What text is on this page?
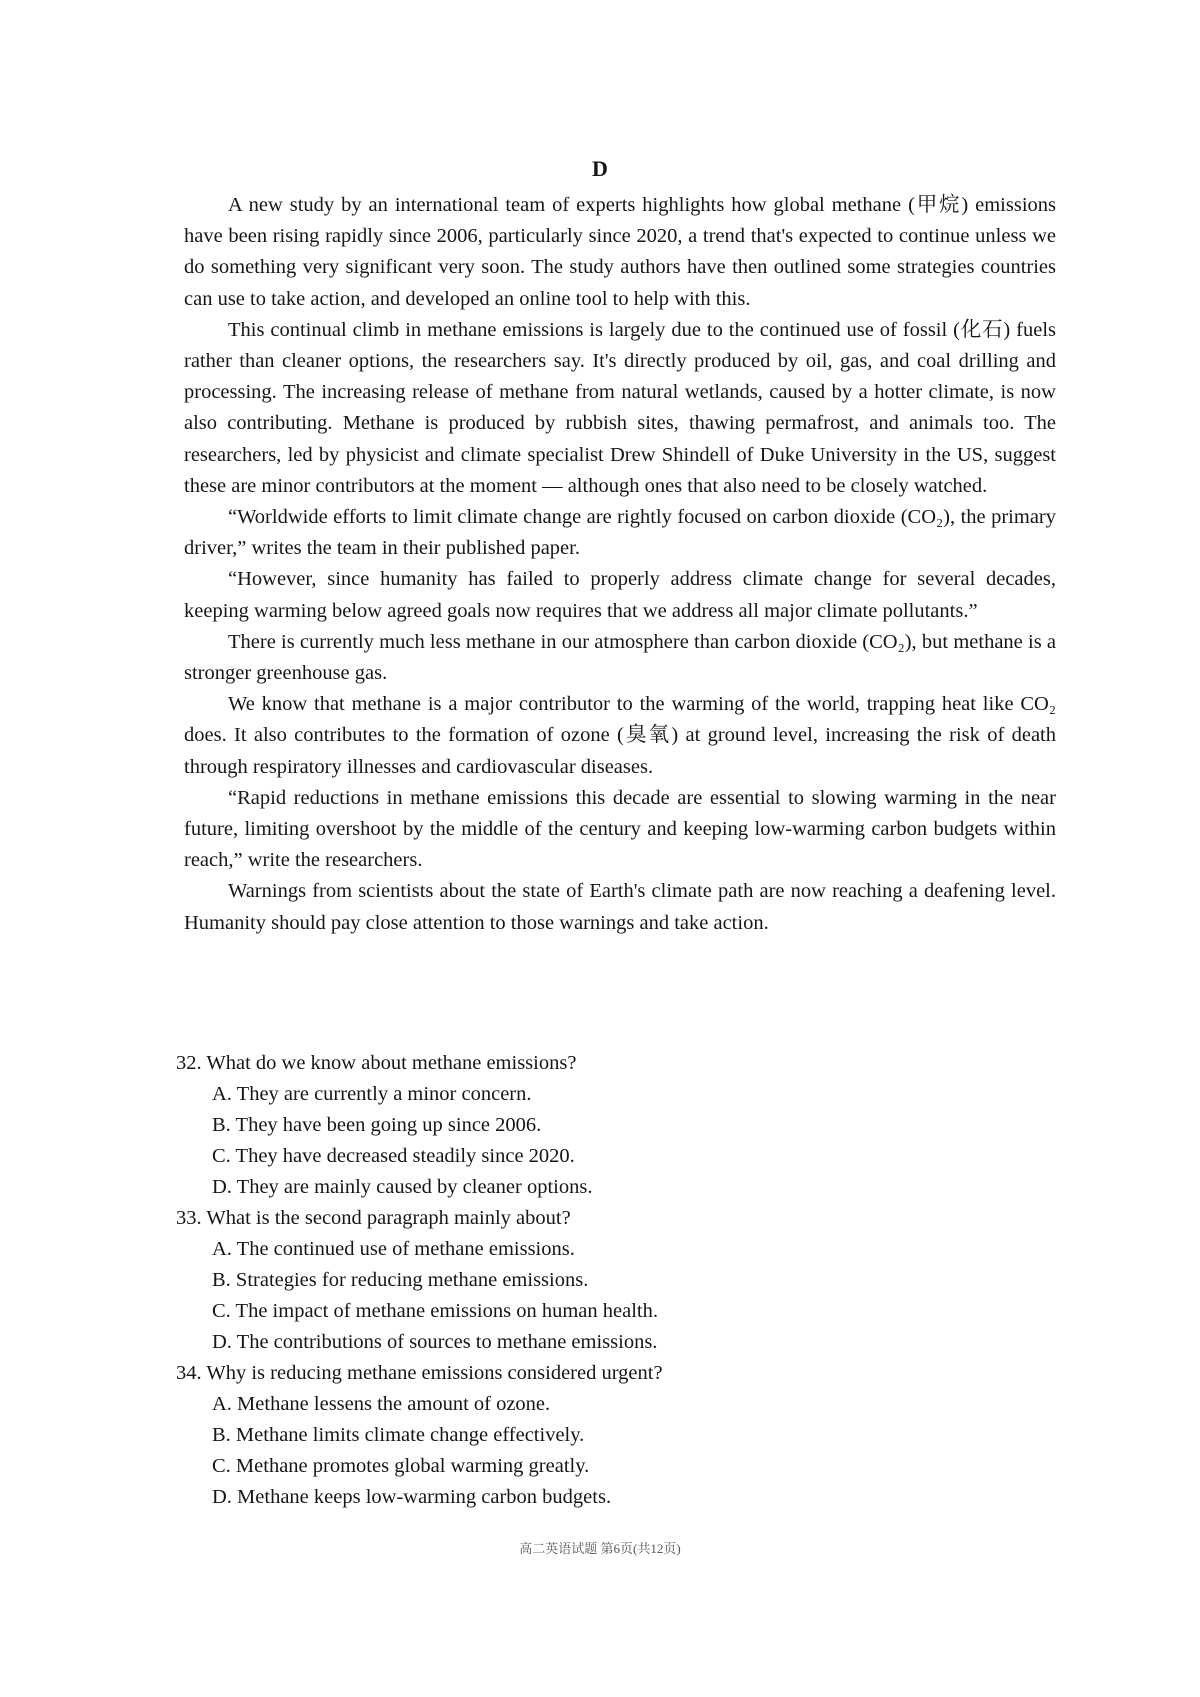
D

A new study by an international team of experts highlights how global methane (甲烷) emissions have been rising rapidly since 2006, particularly since 2020, a trend that's expected to continue unless we do something very significant very soon. The study authors have then outlined some strategies countries can use to take action, and developed an online tool to help with this.

This continual climb in methane emissions is largely due to the continued use of fossil (化石) fuels rather than cleaner options, the researchers say. It's directly produced by oil, gas, and coal drilling and processing. The increasing release of methane from natural wetlands, caused by a hotter climate, is now also contributing. Methane is produced by rubbish sites, thawing permafrost, and animals too. The researchers, led by physicist and climate specialist Drew Shindell of Duke University in the US, suggest these are minor contributors at the moment — although ones that also need to be closely watched.

“Worldwide efforts to limit climate change are rightly focused on carbon dioxide (CO₂), the primary driver,” writes the team in their published paper.

“However, since humanity has failed to properly address climate change for several decades, keeping warming below agreed goals now requires that we address all major climate pollutants.”

There is currently much less methane in our atmosphere than carbon dioxide (CO₂), but methane is a stronger greenhouse gas.

We know that methane is a major contributor to the warming of the world, trapping heat like CO₂ does. It also contributes to the formation of ozone (臭氧) at ground level, increasing the risk of death through respiratory illnesses and cardiovascular diseases.

“Rapid reductions in methane emissions this decade are essential to slowing warming in the near future, limiting overshoot by the middle of the century and keeping low-warming carbon budgets within reach,” write the researchers.

Warnings from scientists about the state of Earth's climate path are now reaching a deafening level. Humanity should pay close attention to those warnings and take action.

32. What do we know about methane emissions?
A. They are currently a minor concern.
B. They have been going up since 2006.
C. They have decreased steadily since 2020.
D. They are mainly caused by cleaner options.
33. What is the second paragraph mainly about?
A. The continued use of methane emissions.
B. Strategies for reducing methane emissions.
C. The impact of methane emissions on human health.
D. The contributions of sources to methane emissions.
34. Why is reducing methane emissions considered urgent?
A. Methane lessens the amount of ozone.
B. Methane limits climate change effectively.
C. Methane promotes global warming greatly.
D. Methane keeps low-warming carbon budgets.
高二英语试题 第6页(共12页)
